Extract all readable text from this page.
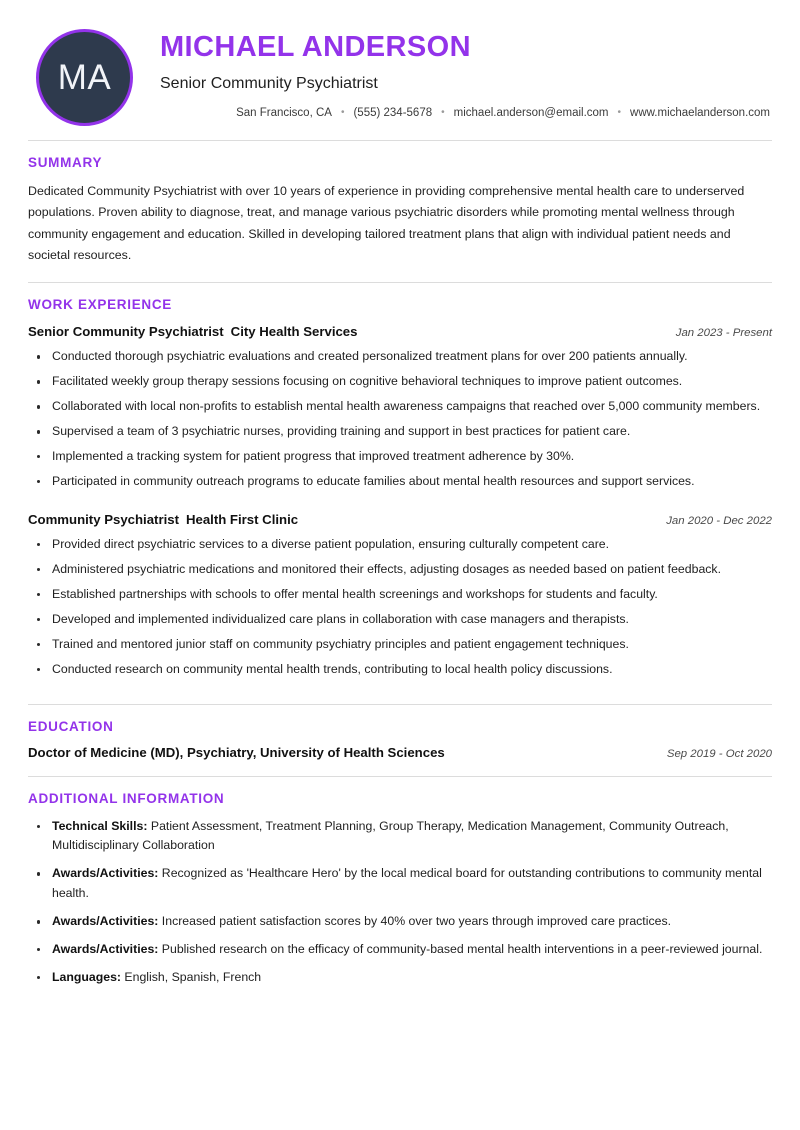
MA
MICHAEL ANDERSON
Senior Community Psychiatrist
San Francisco, CA • (555) 234-5678 • michael.anderson@email.com • www.michaelanderson.com
SUMMARY

Dedicated Community Psychiatrist with over 10 years of experience in providing comprehensive mental health care to underserved populations. Proven ability to diagnose, treat, and manage various psychiatric disorders while promoting mental wellness through community engagement and education. Skilled in developing tailored treatment plans that align with individual patient needs and societal resources.

WORK EXPERIENCE
Senior Community Psychiatrist City Health Services	Jan 2023 - Present
Conducted thorough psychiatric evaluations and created personalized treatment plans for over 200 patients annually.
Facilitated weekly group therapy sessions focusing on cognitive behavioral techniques to improve patient outcomes.
Collaborated with local non-profits to establish mental health awareness campaigns that reached over 5,000 community members.
Supervised a team of 3 psychiatric nurses, providing training and support in best practices for patient care.
Implemented a tracking system for patient progress that improved treatment adherence by 30%.
Participated in community outreach programs to educate families about mental health resources and support services.
Community Psychiatrist Health First Clinic	Jan 2020 - Dec 2022
Provided direct psychiatric services to a diverse patient population, ensuring culturally competent care.
Administered psychiatric medications and monitored their effects, adjusting dosages as needed based on patient feedback.
Established partnerships with schools to offer mental health screenings and workshops for students and faculty.
Developed and implemented individualized care plans in collaboration with case managers and therapists.
Trained and mentored junior staff on community psychiatry principles and patient engagement techniques.
Conducted research on community mental health trends, contributing to local health policy discussions.
EDUCATION
Doctor of Medicine (MD), Psychiatry, University of Health Sciences	Sep 2019 - Oct 2020
ADDITIONAL INFORMATION
Technical Skills: Patient Assessment, Treatment Planning, Group Therapy, Medication Management, Community Outreach, Multidisciplinary Collaboration
Awards/Activities: Recognized as 'Healthcare Hero' by the local medical board for outstanding contributions to community mental health.
Awards/Activities: Increased patient satisfaction scores by 40% over two years through improved care practices.
Awards/Activities: Published research on the efficacy of community-based mental health interventions in a peer-reviewed journal.
Languages: English, Spanish, French
